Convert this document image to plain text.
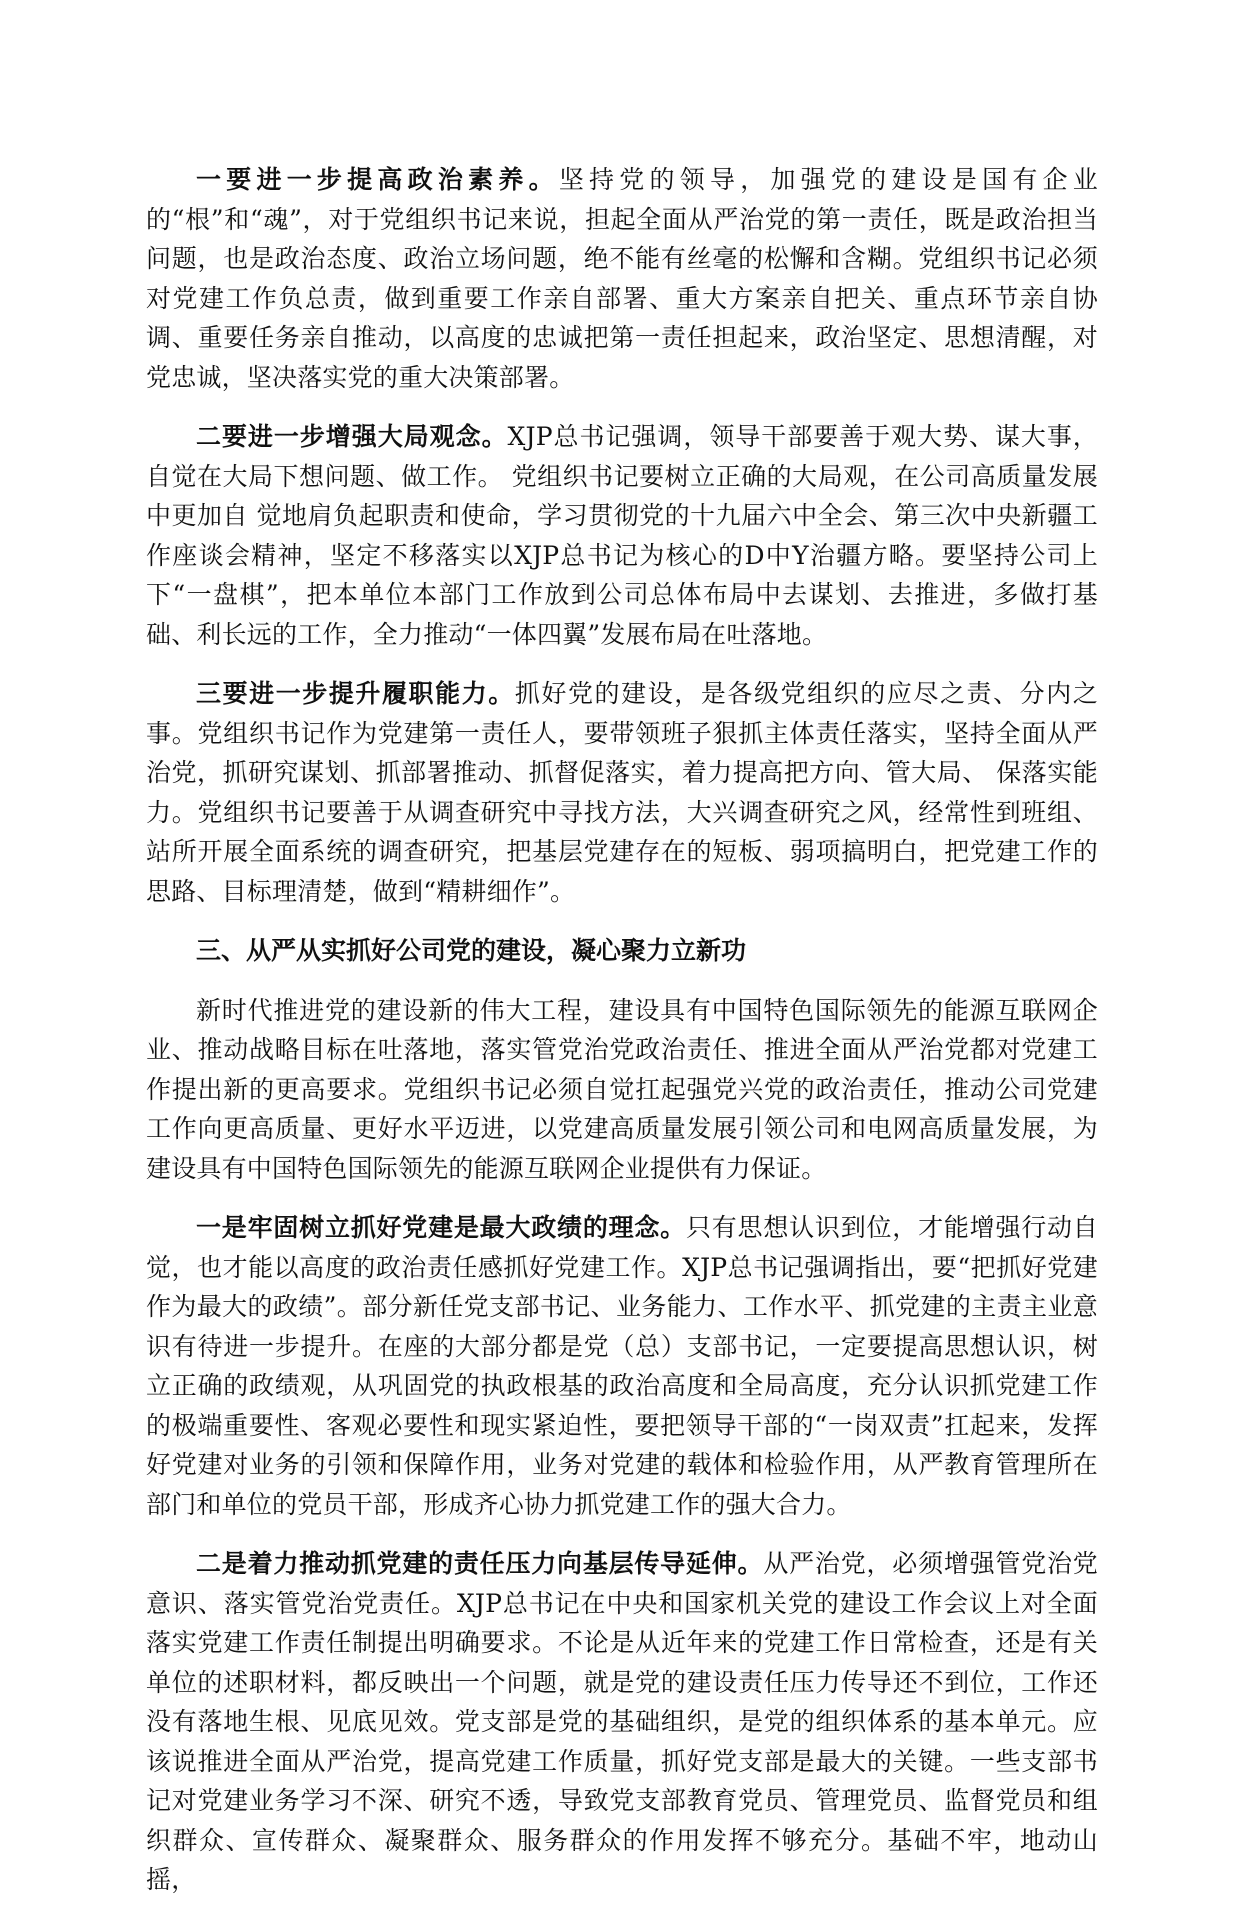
一要进一步提高政治素养。坚持党的领导，加强党的建设是国有企业的“根”和“魂”，对于党组织书记来说，担起全面从严治党的第一责任，既是政治担当问题，也是政治态度、政治立场问题，绝不能有丝毫的松懈和含糊。党组织书记必须对党建工作负总责，做到重要工作亲自部署、重大方案亲自把关、重点环节亲自协调、重要任务亲自推动，以高度的忠诚把第一责任担起来，政治坚定、思想清醒，对党忠诚，坚决落实党的重大决策部署。

二要进一步增强大局观念。XJP总书记强调，领导干部要善于观大势、谋大事，自觉在大局下想问题、做工作。 党组织书记要树立正确的大局观，在公司高质量发展中更加自 觉地肩负起职责和使命，学习贯彻党的十九届六中全会、第三次中央新疆工作座谈会精神，坚定不移落实以XJP总书记为核心的D中Y治疆方略。要坚持公司上下“一盘棋”，把本单位本部门工作放到公司总体布局中去谋划、去推进，多做打基础、利长远的工作，全力推动“一体四翼”发展布局在吐落地。

三要进一步提升履职能力。抓好党的建设，是各级党组织的应尽之责、分内之事。党组织书记作为党建第一责任人，要带领班子狠抓主体责任落实，坚持全面从严治党，抓研究谋划、抓部署推动、抓督促落实，着力提高把方向、管大局、 保落实能力。党组织书记要善于从调查研究中寻找方法，大兴调查研究之风，经常性到班组、站所开展全面系统的调查研究，把基层党建存在的短板、弱项搞明白，把党建工作的思路、目标理清楚，做到“精耕细作”。

三、从严从实抓好公司党的建设，凝心聚力立新功

新时代推进党的建设新的伟大工程，建设具有中国特色国际领先的能源互联网企业、推动战略目标在吐落地，落实管党治党政治责任、推进全面从严治党都对党建工作提出新的更高要求。党组织书记必须自觉扛起强党兴党的政治责任，推动公司党建工作向更高质量、更好水平迈进，以党建高质量发展引领公司和电网高质量发展，为建设具有中国特色国际领先的能源互联网企业提供有力保证。

一是牢固树立抓好党建是最大政绩的理念。只有思想认识到位，才能增强行动自觉，也才能以高度的政治责任感抓好党建工作。XJP总书记强调指出，要“把抓好党建作为最大的政绩”。部分新任党支部书记、业务能力、工作水平、抓党建的主责主业意识有待进一步提升。在座的大部分都是党（总）支部书记，一定要提高思想认识，树立正确的政绩观，从巩固党的执政根基的政治高度和全局高度，充分认识抓党建工作的极端重要性、客观必要性和现实紧迫性，要把领导干部的“一岗双责”扛起来，发挥好党建对业务的引领和保障作用，业务对党建的载体和检验作用，从严教育管理所在部门和单位的党员干部，形成齐心协力抓党建工作的强大合力。

二是着力推动抓党建的责任压力向基层传导延伸。从严治党，必须增强管党治党意识、落实管党治党责任。XJP总书记在中央和国家机关党的建设工作会议上对全面落实党建工作责任制提出明确要求。不论是从近年来的党建工作日常检查，还是有关单位的述职材料，都反映出一个问题，就是党的建设责任压力传导还不到位，工作还没有落地生根、见底见效。党支部是党的基础组织，是党的组织体系的基本单元。应该说推进全面从严治党，提高党建工作质量，抓好党支部是最大的关键。一些支部书记对党建业务学习不深、研究不透，导致党支部教育党员、管理党员、监督党员和组织群众、宣传群众、凝聚群众、服务群众的作用发挥不够充分。基础不牢，地动山摇，
